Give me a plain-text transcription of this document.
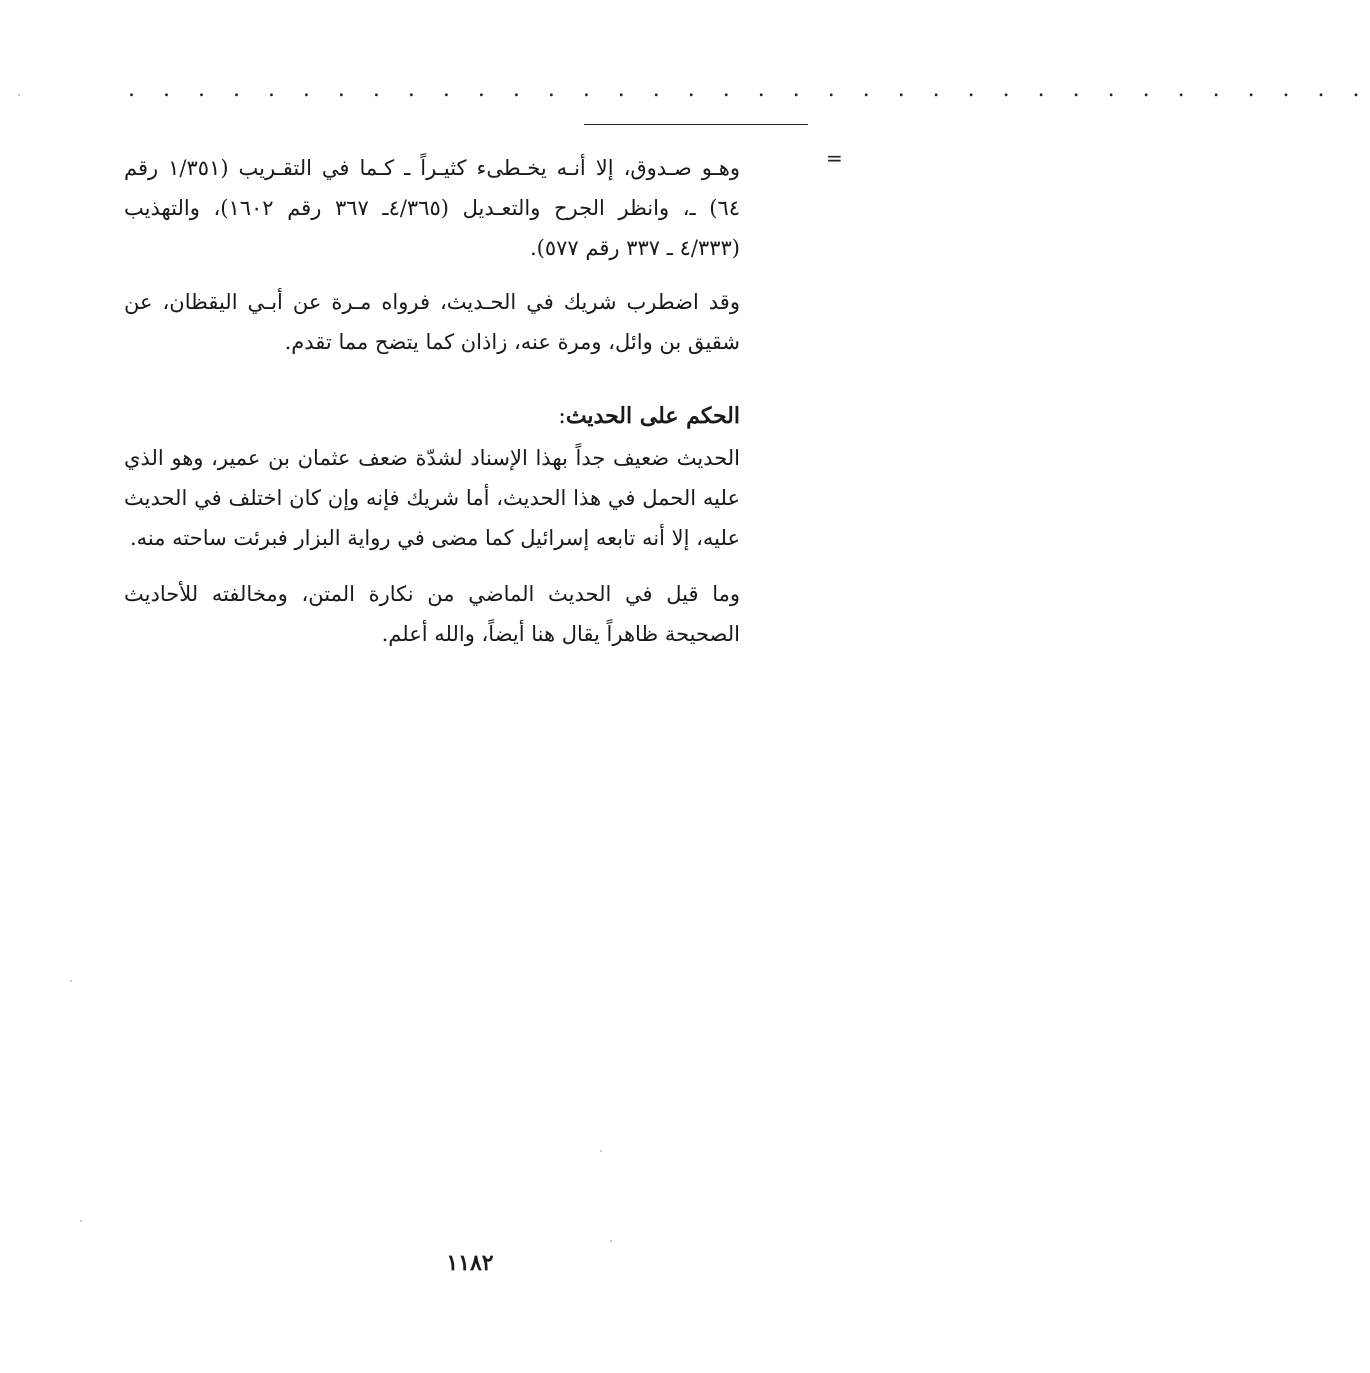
. . . . . . . . . . . . . . . . . . . . . . . . . . . . . . . . . . . .
=

وهـو صـدوق، إلا أنـه يخـطىء كثيـراً ـ كـما في التقـريب (١/٣٥١ رقم ٦٤) ـ، وانظر الجرح والتعـديل (٤/٣٦٥ـ ٣٦٧ رقم ١٦٠٢)، والتهذيب (٤/٣٣٣ ـ ٣٣٧ رقم ٥٧٧).

وقد اضطرب شريك في الحـديث، فرواه مـرة عن أبـي اليقظان، عن شقيق بن وائل، ومرة عنه، زاذان كما يتضح مما تقدم.

الحكم على الحديث:

الحديث ضعيف جداً بهذا الإسناد لشدّة ضعف عثمان بن عمير، وهو الذي عليه الحمل في هذا الحديث، أما شريك فإنه وإن كان اختلف في الحديث عليه، إلا أنه تابعه إسرائيل كما مضى في رواية البزار فبرئت ساحته منه.

وما قيل في الحديث الماضي من نكارة المتن، ومخالفته للأحاديث الصحيحة ظاهراً يقال هنا أيضاً، والله أعلم.

١١٨٢
